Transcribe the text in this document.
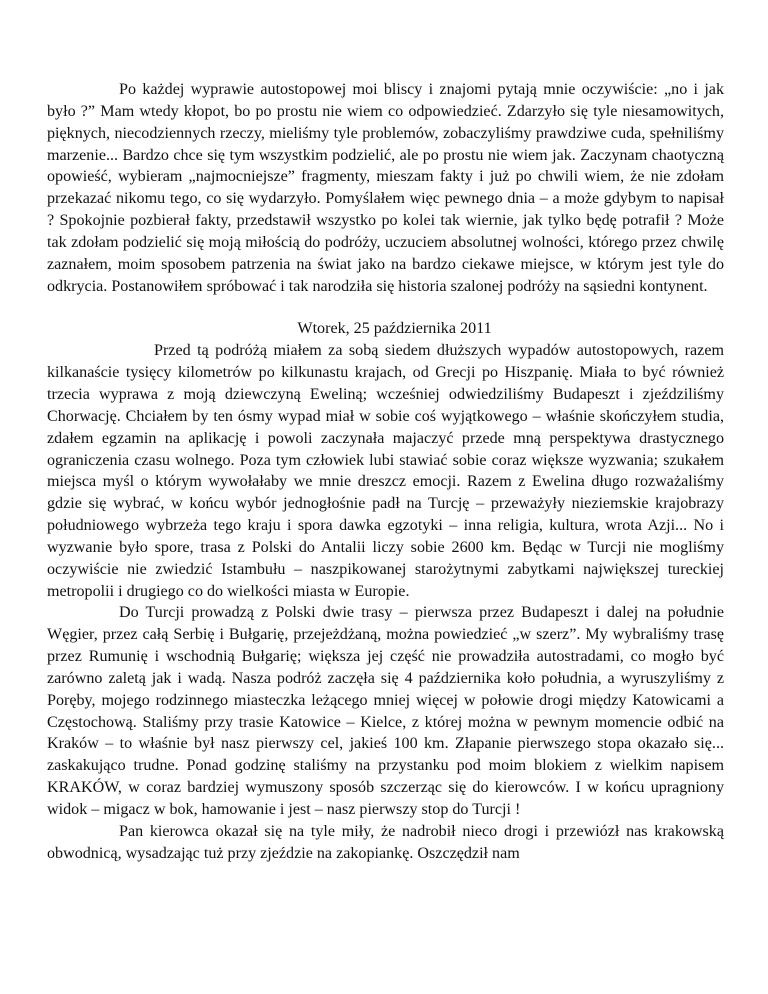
Po każdej wyprawie autostopowej moi bliscy i znajomi pytają mnie oczywiście: „no i jak było ?” Mam wtedy kłopot, bo po prostu nie wiem co odpowiedzieć. Zdarzyło się tyle niesamowitych, pięknych, niecodziennych rzeczy, mieliśmy tyle problemów, zobaczyliśmy prawdziwe cuda, spełniliśmy marzenie... Bardzo chce się tym wszystkim podzielić, ale po prostu nie wiem jak. Zaczynam chaotyczną opowieść, wybieram „najmocniejsze” fragmenty, mieszam fakty i już po chwili wiem, że nie zdołam przekazać nikomu tego, co się wydarzyło. Pomyślałem więc pewnego dnia – a może gdybym to napisał ? Spokojnie pozbierał fakty, przedstawił wszystko po kolei tak wiernie, jak tylko będę potrafił ? Może tak zdołam podzielić się moją miłością do podróży, uczuciem absolutnej wolności, którego przez chwilę zaznałem, moim sposobem patrzenia na świat jako na bardzo ciekawe miejsce, w którym jest tyle do odkrycia. Postanowiłem spróbować i tak narodziła się historia szalonej podróży na sąsiedni kontynent.

Wtorek, 25 października 2011

Przed tą podróżą miałem za sobą siedem dłuższych wypadów autostopowych, razem kilkanaście tysięcy kilometrów po kilkunastu krajach, od Grecji po Hiszpanię. Miała to być również trzecia wyprawa z moją dziewczyną Eweliną; wcześniej odwiedziliśmy Budapeszt i zjeździliśmy Chorwację. Chciałem by ten ósmy wypad miał w sobie coś wyjątkowego – właśnie skończyłem studia, zdałem egzamin na aplikację i powoli zaczynała majaczyć przede mną perspektywa drastycznego ograniczenia czasu wolnego. Poza tym człowiek lubi stawiać sobie coraz większe wyzwania; szukałem miejsca myśl o którym wywołałaby we mnie dreszcz emocji. Razem z Ewelina długo rozważaliśmy gdzie się wybrać, w końcu wybór jednogłośnie padł na Turcję – przeważyły nieziemskie krajobrazy południowego wybrzeża tego kraju i spora dawka egzotyki – inna religia, kultura, wrota Azji... No i wyzwanie było spore, trasa z Polski do Antalii liczy sobie 2600 km. Będąc w Turcji nie mogliśmy oczywiście nie zwiedzić Istambułu – naszpikowanej starożytnymi zabytkami największej tureckiej metropolii i drugiego co do wielkości miasta w Europie.

Do Turcji prowadzą z Polski dwie trasy – pierwsza przez Budapeszt i dalej na południe Węgier, przez całą Serbię i Bułgarię, przejeżdżaną, można powiedzieć „w szerz”. My wybraliśmy trasę przez Rumunię i wschodnią Bułgarię; większa jej część nie prowadziła autostradami, co mogło być zarówno zaletą jak i wadą. Nasza podróż zaczęła się 4 października koło południa, a wyruszyliśmy z Poręby, mojego rodzinnego miasteczka leżącego mniej więcej w połowie drogi między Katowicami a Częstochową. Staliśmy przy trasie Katowice – Kielce, z której można w pewnym momencie odbić na Kraków – to właśnie był nasz pierwszy cel, jakieś 100 km. Złapanie pierwszego stopa okazało się... zaskakująco trudne. Ponad godzinę staliśmy na przystanku pod moim blokiem z wielkim napisem KRAKÓW, w coraz bardziej wymuszony sposób szczerząc się do kierowców. I w końcu upragniony widok – migacz w bok, hamowanie i jest – nasz pierwszy stop do Turcji !

Pan kierowca okazał się na tyle miły, że nadrobił nieco drogi i przewiózł nas krakowską obwodnicą, wysadzając tuż przy zjeździe na zakopiankę. Oszczędził nam
